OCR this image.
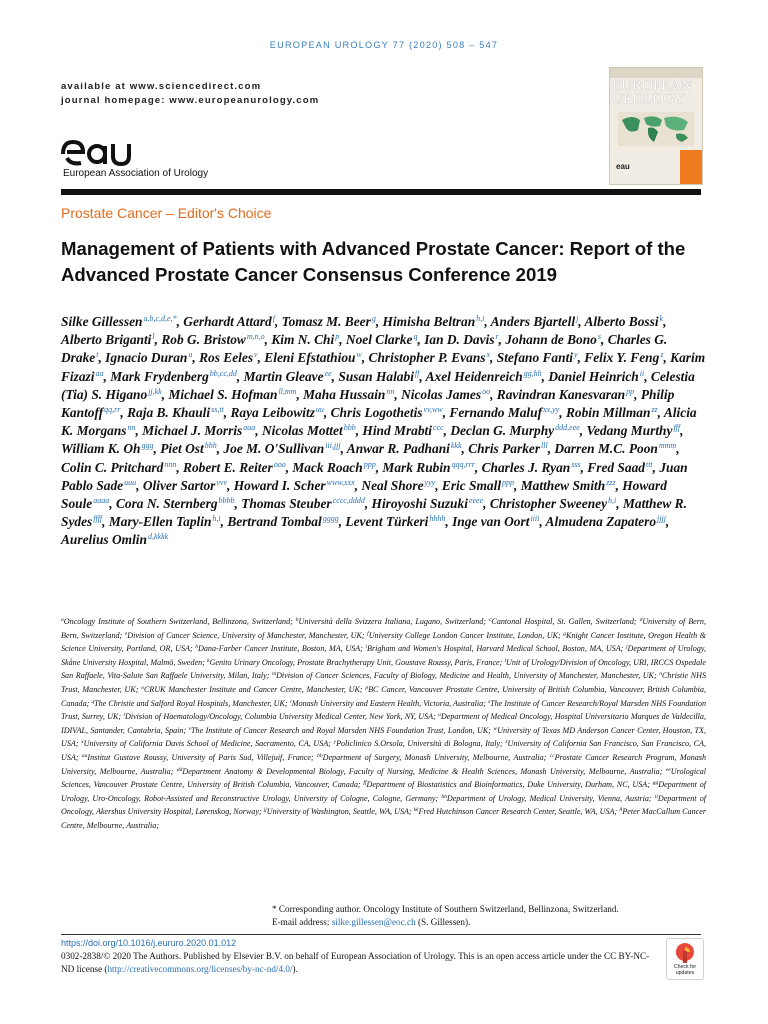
EUROPEAN UROLOGY 77 (2020) 508 – 547
available at www.sciencedirect.com
journal homepage: www.europeanurology.com
European Association of Urology
EUROPEAN
UROLOGY
eau
Prostate Cancer – Editor's Choice
Management of Patients with Advanced Prostate Cancer: Report of the Advanced Prostate Cancer Consensus Conference 2019
Silke Gillessen$^{a,b,c,d,e,*}$, Gerhardt Attard$^f$, Tomasz M. Beer$^g$, Himisha Beltran$^{h,i}$, Anders Bjartell$^j$, Alberto Bossi$^k$, Alberto Briganti$^l$, Rob G. Bristow$^{m,n,o}$, Kim N. Chi$^p$, Noel Clarke$^q$, Ian D. Davis$^r$, Johann de Bono$^s$, Charles G. Drake$^t$, Ignacio Duran$^u$, Ros Eeles$^v$, Eleni Efstathiou$^w$, Christopher P. Evans$^x$, Stefano Fanti$^y$, Felix Y. Feng$^z$, Karim Fizazi$^{aa}$, Mark Frydenberg$^{bb,cc,dd}$, Martin Gleave$^{ee}$, Susan Halabi$^{ff}$, Axel Heidenreich$^{gg,hh}$, Daniel Heinrich$^{ii}$, Celestia (Tia) S. Higano$^{jj,kk}$, Michael S. Hofman$^{ll,mm}$, Maha Hussain$^{nn}$, Nicolas James$^{oo}$, Ravindran Kanesvaran$^{pp}$, Philip Kantoff$^{qq,rr}$, Raja B. Khauli$^{ss,tt}$, Raya Leibowitz$^{uu}$, Chris Logothetis$^{vv,ww}$, Fernando Maluf$^{xx,yy}$, Robin Millman$^{zz}$, Alicia K. Morgans$^{nn}$, Michael J. Morris$^{aaa}$, Nicolas Mottet$^{bbb}$, Hind Mrabti$^{ccc}$, Declan G. Murphy$^{ddd,eee}$, Vedang Murthy$^{fff}$, William K. $Oh^{ggg}$, Piet Ost$^{hhh}$, Joe M. O'Sullivan$^{iii,jjj}$, Anwar R. Padhani$^{kkk}$, Chris Parker$^{lll}$, Darren M.C. Poon$^{mmm}$, Colin C. Pritchard$^{nnn}$, Robert E. Reiter$^{ooo}$, Mack Roach$^{ppp}$, Mark Rubin$^{qqq,rrr}$, Charles J. Ryan$^{sss}$, Fred Saad$^{ttt}$, Juan Pablo Sade$^{uuu}$, Oliver Sartor$^{vvv}$, Howard I. Scher$^{www,xxx}$, Neal Shore$^{yyy}$, Eric Small$^{ppp}$, Matthew Smith$^{zzz}$, Howard Soule$^{aaaa}$, Cora N. Sternberg$^{bbbb}$, Thomas Steuber$^{cccc,dddd}$, Hiroyoshi Suzuki$^{eeee}$, Christopher Sweeney$^{h,i}$, Matthew R. Sydes$^{ffff}$, Mary-Ellen Taplin$^{h,i}$, Bertrand Tombal$^{gggg}$, Levent Türkeri$^{hhhh}$, Inge van Oort$^{iiii}$, Almudena Zapatero$^{jjjj}$, Aurelius Omlin$^{d,kkkk}$
$^a$Oncology Institute of Southern Switzerland, Bellinzona, Switzerland; $^b$Università della Svizzera Italiana, Lugano, Switzerland; $^c$Cantonal Hospital, St. Gallen, Switzerland; $^d$University of Bern, Bern, Switzerland; $^e$Division of Cancer Science, University of Manchester, Manchester, UK; $^f$University College London Cancer Institute, London, UK; $^g$Knight Cancer Institute, Oregon Health & Science University, Portland, OR, USA; $^h$Dana-Farber Cancer Institute, Boston, MA, USA; $^i$Brigham and Women's Hospital, Harvard Medical School, Boston, MA, USA; $^j$Department of Urology, Skåne University Hospital, Malmö, Sweden; $^k$Genito Urinary Oncology, Prostate Brachytherapy Unit, Goustave Roussy, Paris, France; $^l$Unit of Urology/Division of Oncology, URI, IRCCS Ospedale San Raffaele, Vita-Salute San Raffaele University, Milan, Italy; $^m$Division of Cancer Sciences, Faculty of Biology, Medicine and Health, University of Manchester, Manchester, UK; $^n$Christie NHS Trust, Manchester, UK; $^o$CRUK Manchester Institute and Cancer Centre, Manchester, UK; $^p$BC Cancer, Vancouver Prostate Centre, University of British Columbia, Vancouver, British Columbia, Canada; $^q$The Christie and Salford Royal Hospitals, Manchester, UK; $^r$Monash University and Eastern Health, Victoria, Australia; $^s$The Institute of Cancer Research/Royal Marsden NHS Foundation Trust, Surrey, UK; $^t$Division of Haematology/Oncology, Columbia University Medical Center, New York, NY, USA; $^u$Department of Medical Oncology, Hospital Universitario Marques de Valdecilla, IDIVAL, Santander, Cantabria, Spain; $^v$The Institute of Cancer Research and Royal Marsden NHS Foundation Trust, London, UK; $^w$University of Texas MD Anderson Cancer Center, Houston, TX, USA; $^x$University of California Davis School of Medicine, Sacramento, CA, USA; $^y$Policlinico S.Orsola, Università di Bologna, Italy; $^z$University of California San Francisco, San Francisco, CA, USA; $^{aa}$Institut Gustave Roussy, University of Paris Sud, Villejuif, France; $^{bb}$Department of Surgery, Monash University, Melbourne, Australia; $^{cc}$Prostate Cancer Research Program, Monash University, Melbourne, Australia; $^{dd}$Department Anatomy & Developmental Biology, Faculty of Nursing, Medicine & Health Sciences, Monash University, Melbourne, Australia; $^{ee}$Urological Sciences, Vancouver Prostate Centre, University of British Columbia, Vancouver, Canada; $^{ff}$Department of Biostatistics and Bioinformatics, Duke University, Durham, NC, USA; $^{gg}$Department of Urology, Uro-Oncology, Robot-Assisted and Reconstructive Urology, University of Cologne, Cologne, Germany; $^{hh}$Department of Urology, Medical University, Vienna, Austria; $^{ii}$Department of Oncology, Akershus University Hospital, Lørenskog, Norway; $^{jj}$University of Washington, Seattle, WA, USA; $^{kk}$Fred Hutchinson Cancer Research Center, Seattle, WA, USA; $^{ll}$Peter MacCallum Cancer Centre, Melbourne, Australia;
* Corresponding author. Oncology Institute of Southern Switzerland, Bellinzona, Switzerland.
E-mail address: silke.gillessen@eoc.ch (S. Gillessen).
https://doi.org/10.1016/j.eururo.2020.01.012
0302-2838/© 2020 The Authors. Published by Elsevier B.V. on behalf of European Association of Urology. This is an open access article under the CC BY-NC-ND license (http://creativecommons.org/licenses/by-nc-nd/4.0/).	Check for updates
